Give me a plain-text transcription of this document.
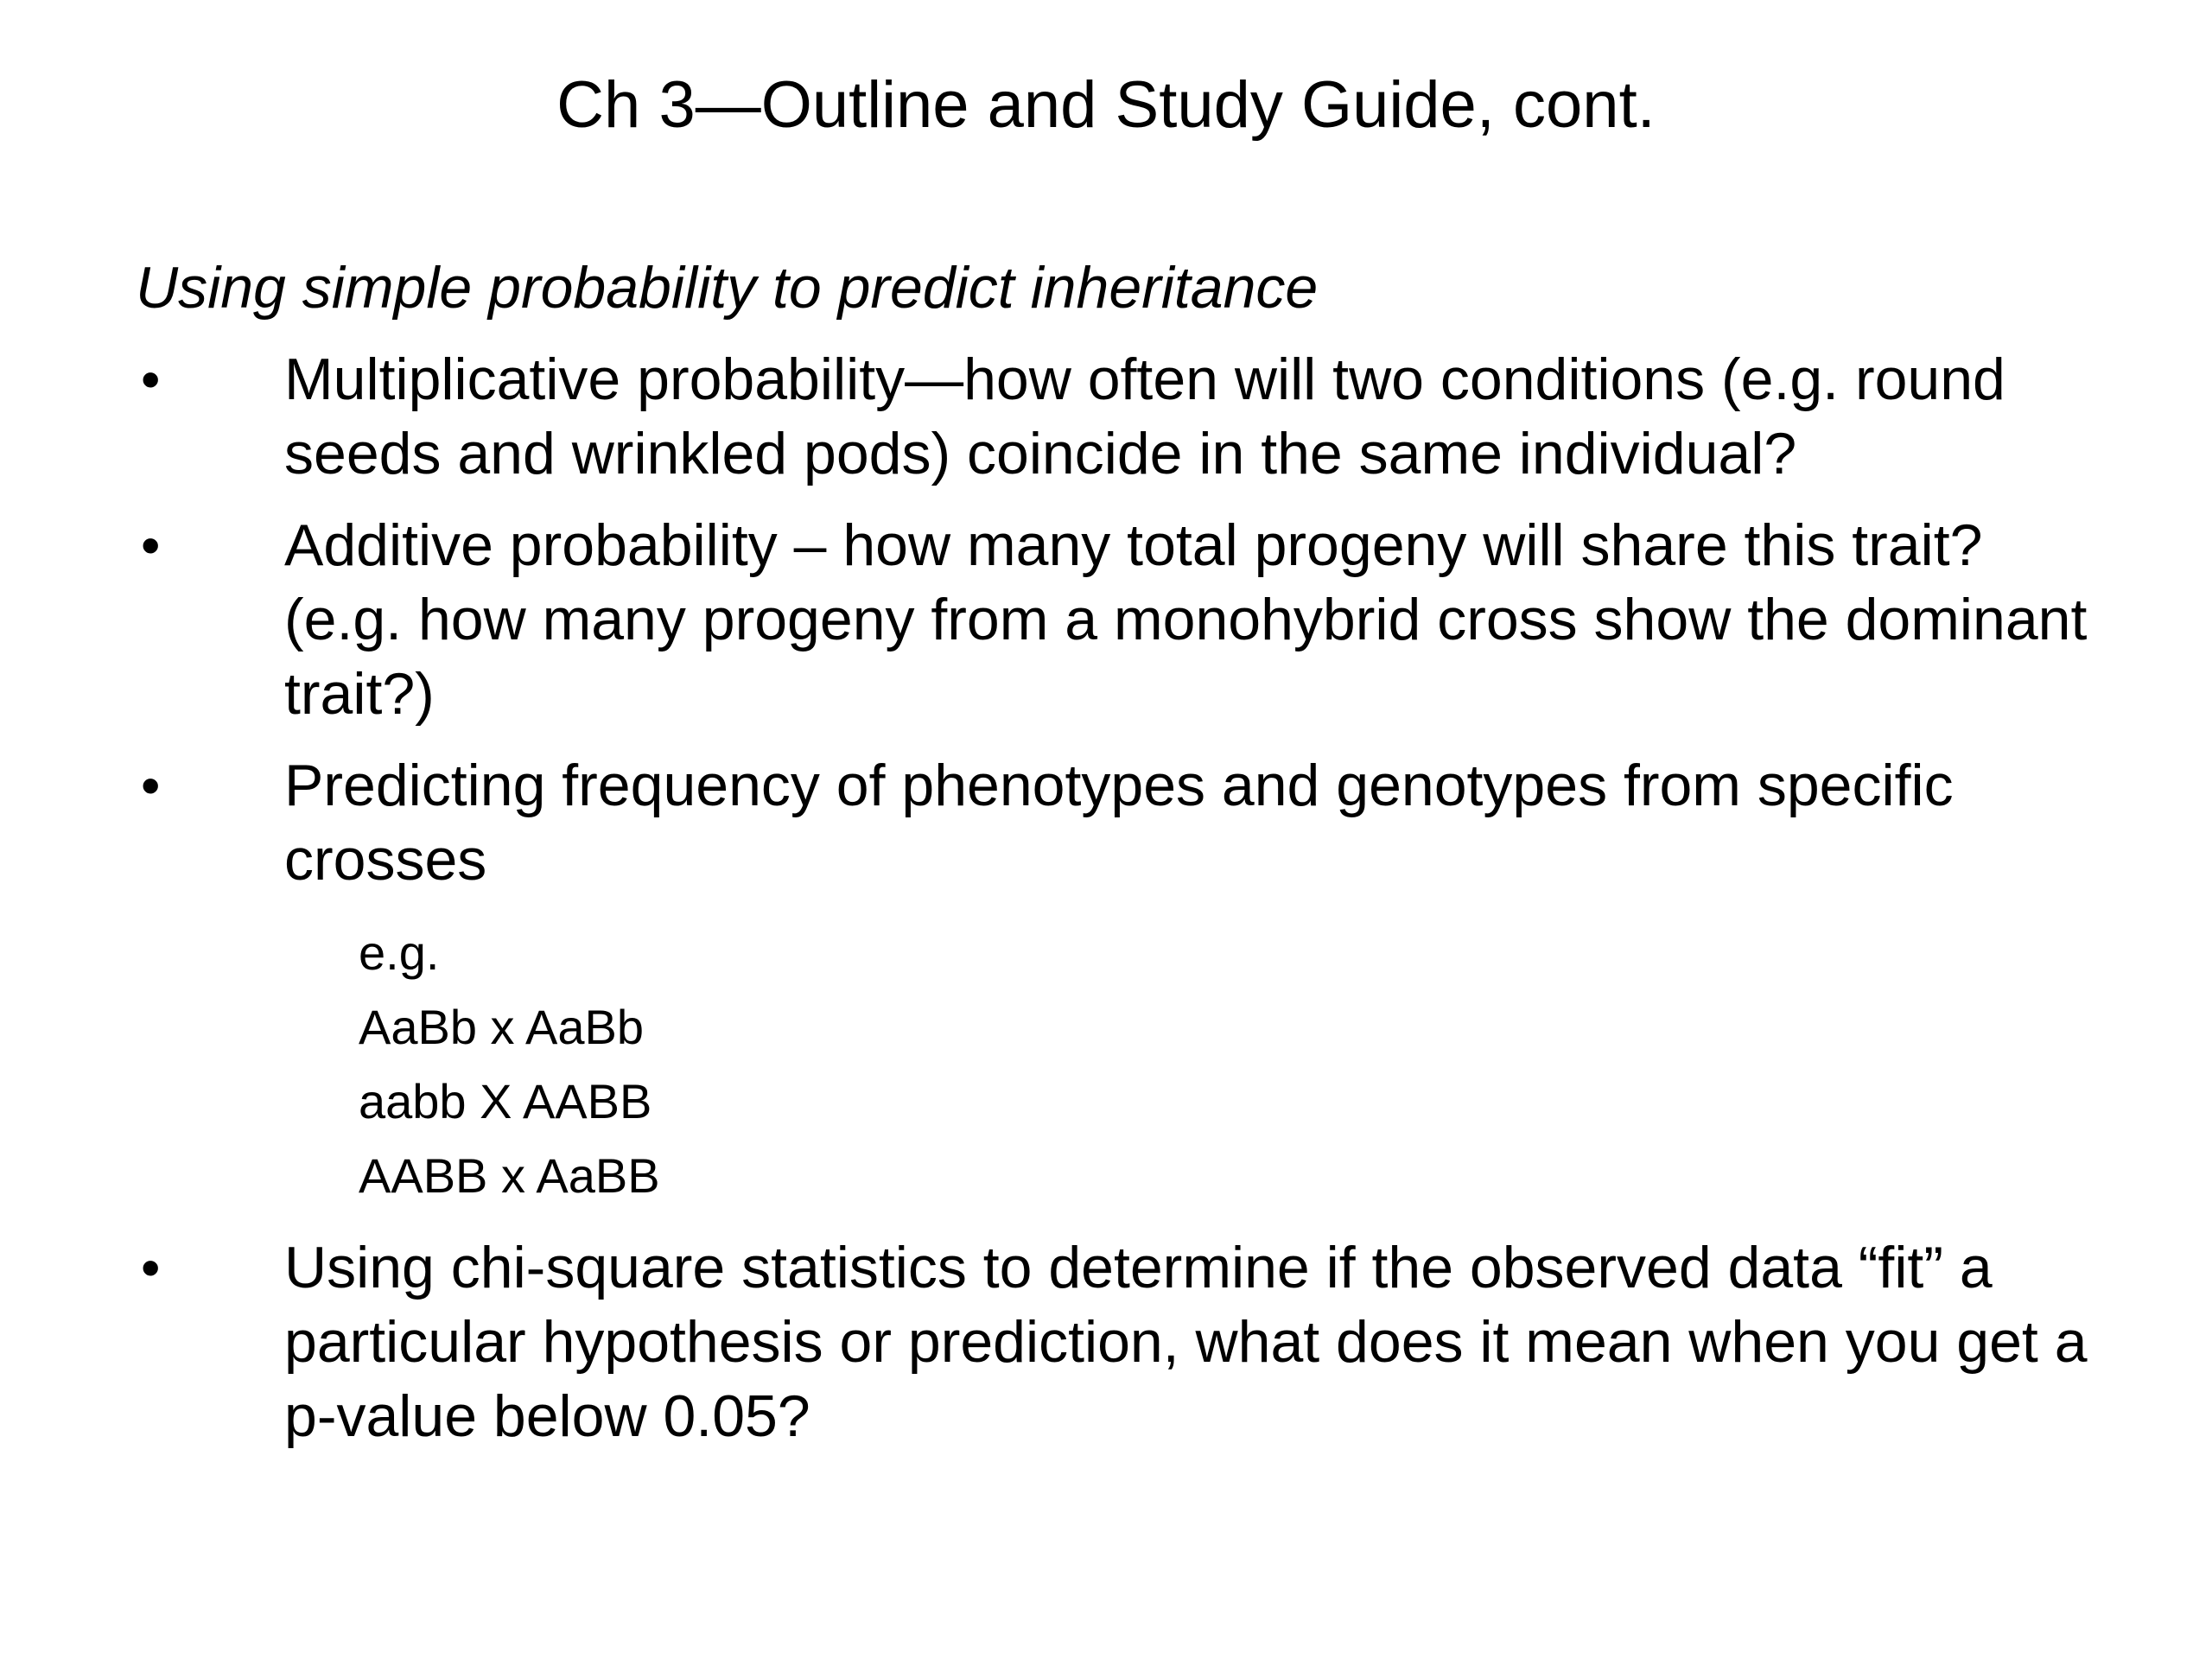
Ch 3—Outline and Study Guide, cont.

Using simple probability to predict inheritance

• Multiplicative probability—how often will two conditions (e.g. round seeds and wrinkled pods) coincide in the same individual?
• Additive probability – how many total progeny will share this trait? (e.g. how many progeny from a monohybrid cross show the dominant trait?)
• Predicting frequency of phenotypes and genotypes from specific crosses
e.g.
AaBb x AaBb
aabb X AABB
AABB x AaBB
• Using chi-square statistics to determine if the observed data “fit” a particular hypothesis or prediction, what does it mean when you get a p-value below 0.05?
